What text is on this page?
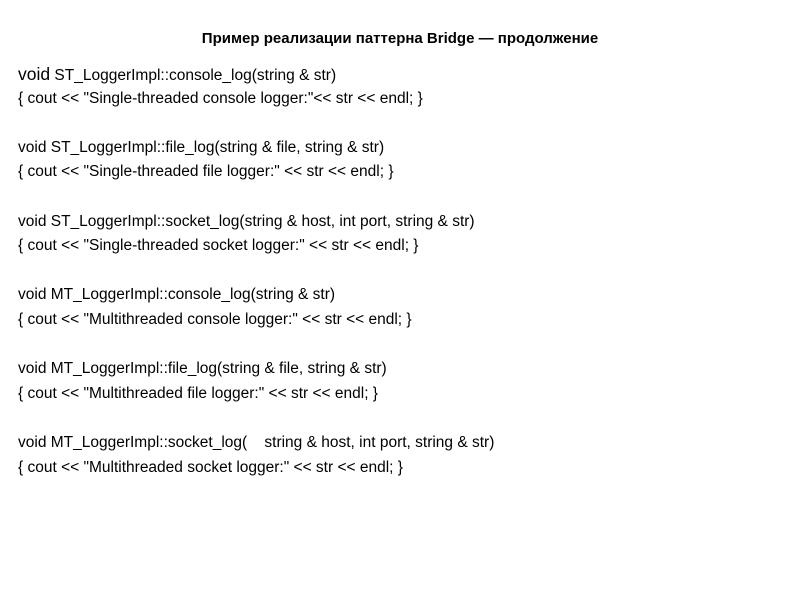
Пример реализации паттерна Bridge — продолжение
void ST_LoggerImpl::console_log(string & str)
{ cout << "Single-threaded console logger:"<< str << endl; }
void ST_LoggerImpl::file_log(string & file, string & str)
{ cout << "Single-threaded file logger:" << str << endl; }
void ST_LoggerImpl::socket_log(string & host, int port, string & str)
{ cout << "Single-threaded socket logger:" << str << endl; }
void MT_LoggerImpl::console_log(string & str)
{ cout << "Multithreaded console logger:" << str << endl; }
void MT_LoggerImpl::file_log(string & file, string & str)
{ cout << "Multithreaded file logger:" << str << endl; }
void MT_LoggerImpl::socket_log(    string & host, int port, string & str)
{ cout << "Multithreaded socket logger:" << str << endl; }
